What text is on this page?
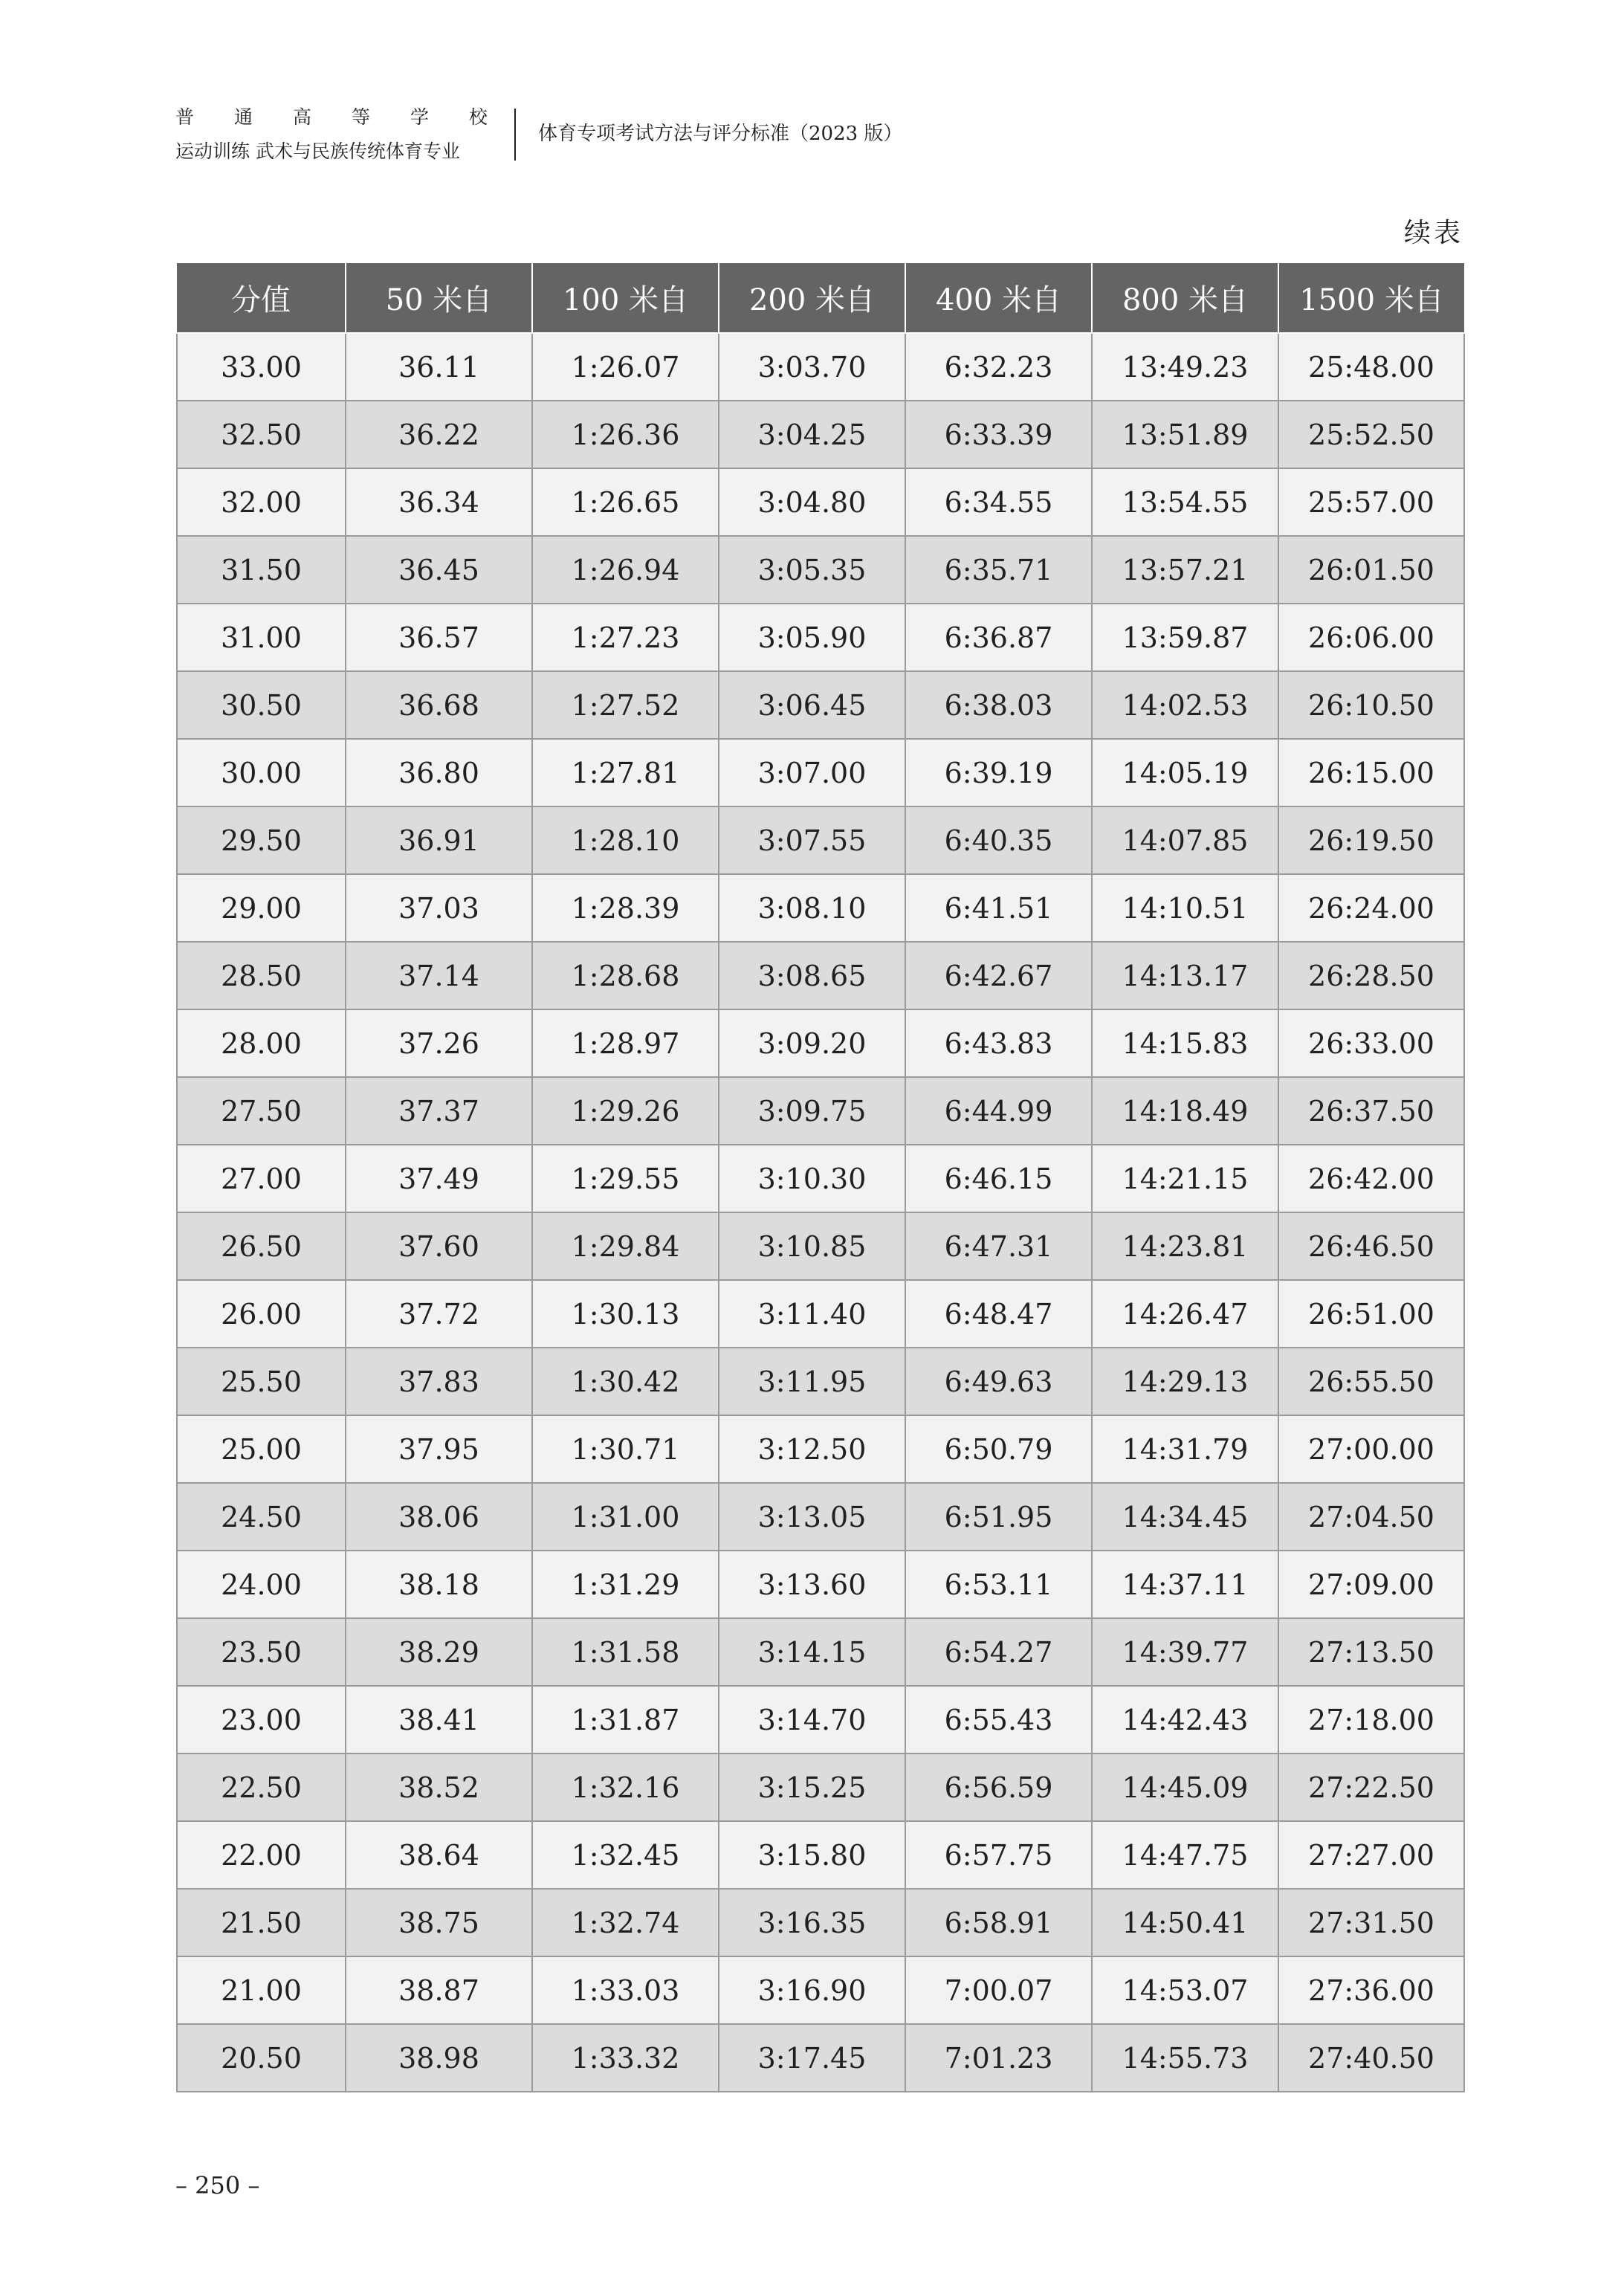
普 通 高 等 学 校
运动训练 武术与民族传统体育专业
体育专项考试方法与评分标准（2023 版）
续表
分值	50 米自	100 米自	200 米自	400 米自	800 米自	1500 米自
33.00	36.11	1:26.07	3:03.70	6:32.23	13:49.23	25:48.00
32.50	36.22	1:26.36	3:04.25	6:33.39	13:51.89	25:52.50
32.00	36.34	1:26.65	3:04.80	6:34.55	13:54.55	25:57.00
31.50	36.45	1:26.94	3:05.35	6:35.71	13:57.21	26:01.50
31.00	36.57	1:27.23	3:05.90	6:36.87	13:59.87	26:06.00
30.50	36.68	1:27.52	3:06.45	6:38.03	14:02.53	26:10.50
30.00	36.80	1:27.81	3:07.00	6:39.19	14:05.19	26:15.00
29.50	36.91	1:28.10	3:07.55	6:40.35	14:07.85	26:19.50
29.00	37.03	1:28.39	3:08.10	6:41.51	14:10.51	26:24.00
28.50	37.14	1:28.68	3:08.65	6:42.67	14:13.17	26:28.50
28.00	37.26	1:28.97	3:09.20	6:43.83	14:15.83	26:33.00
27.50	37.37	1:29.26	3:09.75	6:44.99	14:18.49	26:37.50
27.00	37.49	1:29.55	3:10.30	6:46.15	14:21.15	26:42.00
26.50	37.60	1:29.84	3:10.85	6:47.31	14:23.81	26:46.50
26.00	37.72	1:30.13	3:11.40	6:48.47	14:26.47	26:51.00
25.50	37.83	1:30.42	3:11.95	6:49.63	14:29.13	26:55.50
25.00	37.95	1:30.71	3:12.50	6:50.79	14:31.79	27:00.00
24.50	38.06	1:31.00	3:13.05	6:51.95	14:34.45	27:04.50
24.00	38.18	1:31.29	3:13.60	6:53.11	14:37.11	27:09.00
23.50	38.29	1:31.58	3:14.15	6:54.27	14:39.77	27:13.50
23.00	38.41	1:31.87	3:14.70	6:55.43	14:42.43	27:18.00
22.50	38.52	1:32.16	3:15.25	6:56.59	14:45.09	27:22.50
22.00	38.64	1:32.45	3:15.80	6:57.75	14:47.75	27:27.00
21.50	38.75	1:32.74	3:16.35	6:58.91	14:50.41	27:31.50
21.00	38.87	1:33.03	3:16.90	7:00.07	14:53.07	27:36.00
20.50	38.98	1:33.32	3:17.45	7:01.23	14:55.73	27:40.50
– 250 –
